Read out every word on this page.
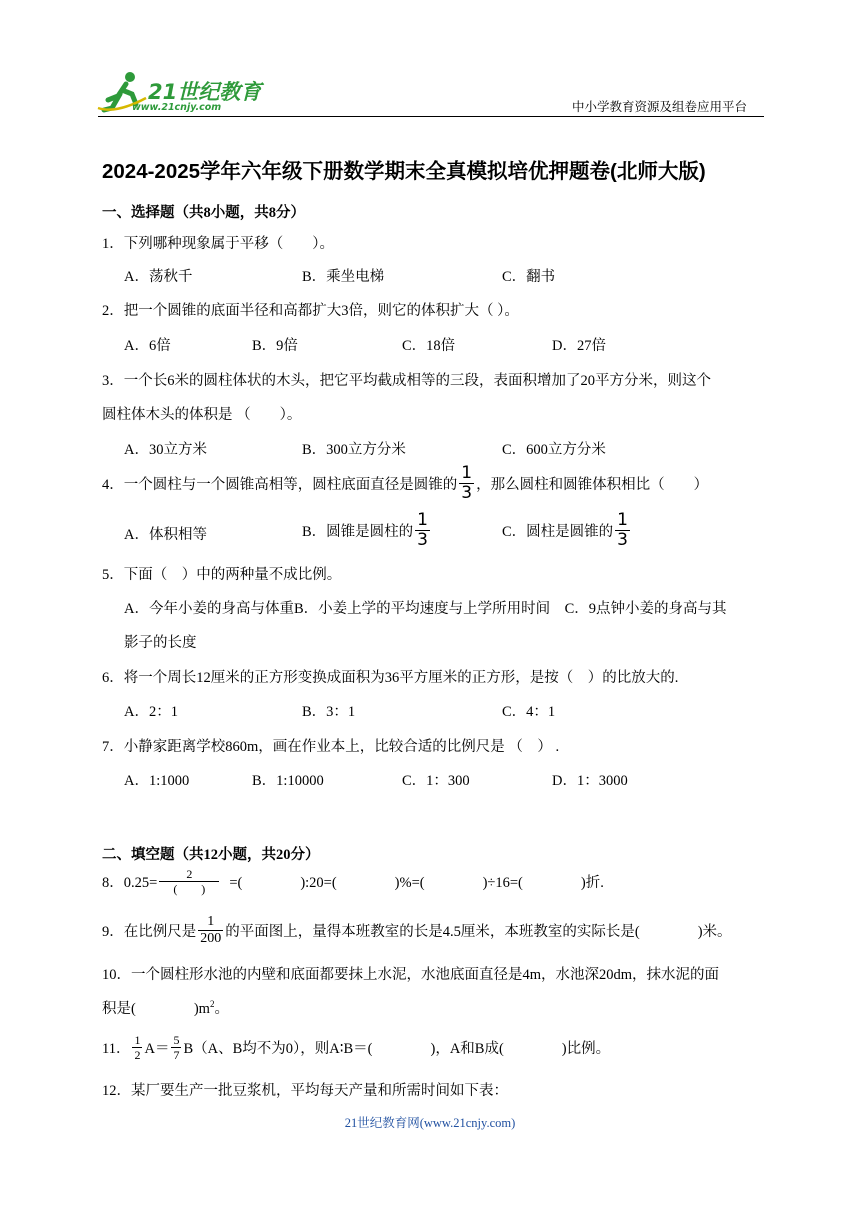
21世纪教育
www.21cnjy.com	中小学教育资源及组卷应用平台
2024-2025学年六年级下册数学期末全真模拟培优押题卷(北师大版)
一、选择题（共8小题，共8分）
1．下列哪种现象属于平移（　　）。
A．荡秋千	B．乘坐电梯	C．翻书
2．把一个圆锥的底面半径和高都扩大3倍，则它的体积扩大（ ）。
A．6倍	B．9倍	C．18倍	D．27倍
3．一个长6米的圆柱体状的木头，把它平均截成相等的三段，表面积增加了20平方分米，则这个
圆柱体木头的体积是 （　　）。
A．30立方米	B．300立方分米	C．600立方分米
4．一个圆柱与一个圆锥高相等，圆柱底面直径是圆锥的 $\frac{1}{3}$ ，那么圆柱和圆锥体积相比（　　）
A．体积相等	B．圆锥是圆柱的 $\frac{1}{3}$	C．圆柱是圆锥的 $\frac{1}{3}$
5．下面（　）中的两种量不成比例。
A．今年小姜的身高与体重B．小姜上学的平均速度与上学所用时间　C．9点钟小姜的身高与其
影子的长度
6．将一个周长12厘米的正方形变换成面积为36平方厘米的正方形，是按（　）的比放大的.
A．2：1	B．3：1	C．4：1
7．小静家距离学校860m，画在作业本上，比较合适的比例尺是 （　） .
A．1:1000	B．1:10000	C．1：300	D．1：3000
二、填空题（共12小题，共20分）
8．$0.25= \frac{2}{( )}$ =(　　　　):20=(　　　　)%=(　　　　)÷16=(　　　　)折.
9．在比例尺是 $\frac{1}{200}$ 的平面图上，量得本班教室的长是4.5厘米，本班教室的实际长是(　　　　)米。
10．一个圆柱形水池的内壁和底面都要抹上水泥，水池底面直径是4m，水池深20dm，抹水泥的面
积是(　　　　)$m^2$。
11． $\frac{1}{2} A= \frac{5}{7} B(A$、B均不为0），则A∶B＝(　　　　)，A和B成(　　　　)比例。
12．某厂要生产一批豆浆机，平均每天产量和所需时间如下表：
21世纪教育网(www.21cnjy.com)
